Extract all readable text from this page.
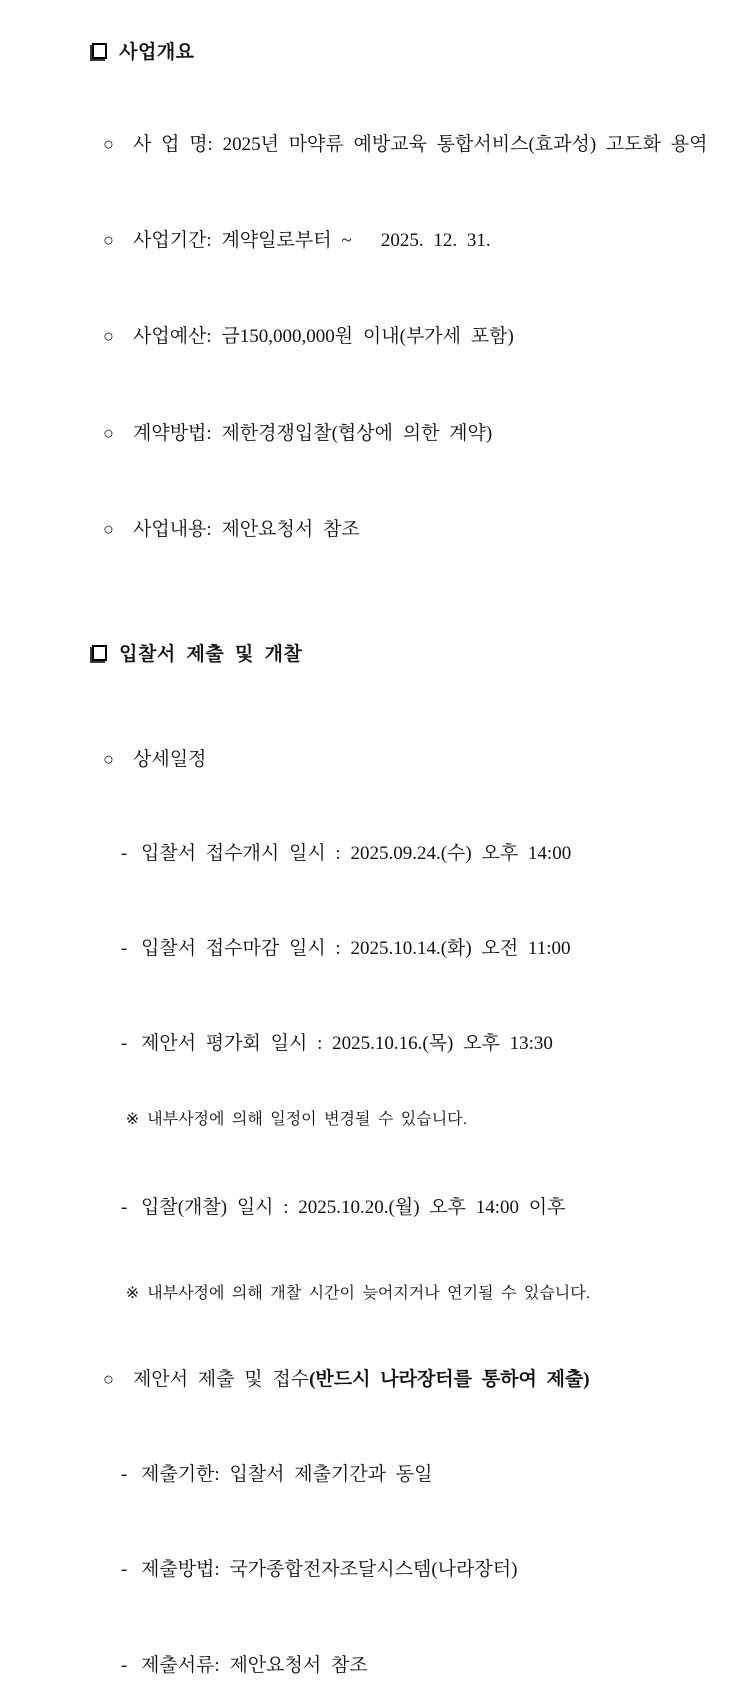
사업개요

○ 사 업 명: 2025년 마약류 예방교육 통합서비스(효과성) 고도화 용역

○ 사업기간: 계약일로부터 ~   2025. 12. 31.

○ 사업예산: 금150,000,000원 이내(부가세 포함)

○ 계약방법: 제한경쟁입찰(협상에 의한 계약)

○ 사업내용: 제안요청서 참조

입찰서 제출 및 개찰

○ 상세일정

- 입찰서 접수개시 일시 : 2025.09.24.(수) 오후 14:00

- 입찰서 접수마감 일시 : 2025.10.14.(화) 오전 11:00

- 제안서 평가회 일시 : 2025.10.16.(목) 오후 13:30

※ 내부사정에 의해 일정이 변경될 수 있습니다.

- 입찰(개찰) 일시 : 2025.10.20.(월) 오후 14:00 이후

※ 내부사정에 의해 개찰 시간이 늦어지거나 연기될 수 있습니다.

○ 제안서 제출 및 접수(반드시 나라장터를 통하여 제출)

- 제출기한: 입찰서 제출기간과 동일

- 제출방법: 국가종합전자조달시스템(나라장터)

- 제출서류: 제안요청서 참조
